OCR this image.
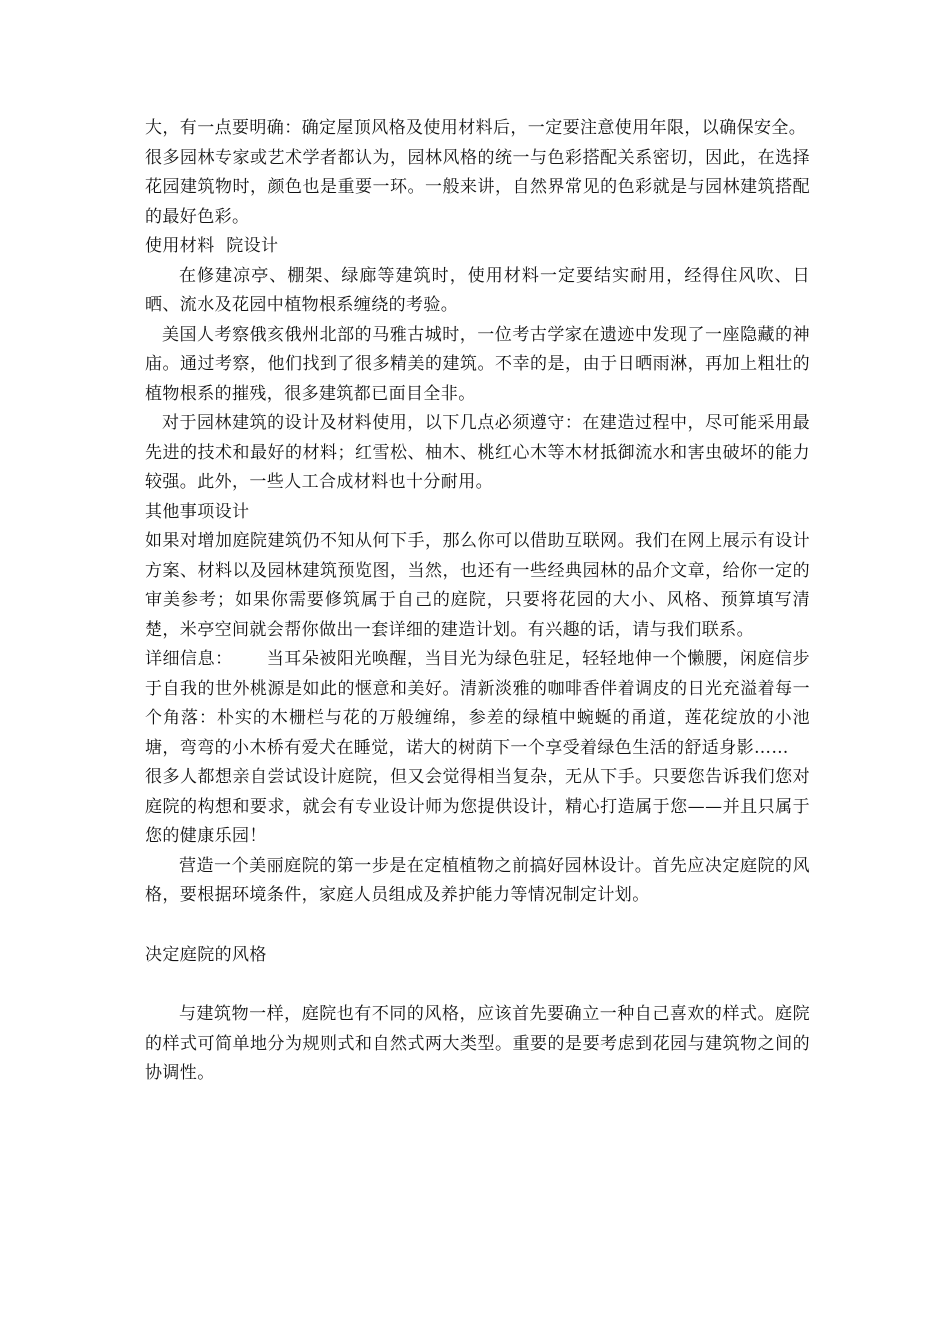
大，有一点要明确：确定屋顶风格及使用材料后，一定要注意使用年限，以确保安全。

很多园林专家或艺术学者都认为，园林风格的统一与色彩搭配关系密切，因此，在选择花园建筑物时，颜色也是重要一环。一般来讲，自然界常见的色彩就是与园林建筑搭配的最好色彩。

使用材料  院设计

在修建凉亭、棚架、绿廊等建筑时，使用材料一定要结实耐用，经得住风吹、日晒、流水及花园中植物根系缠绕的考验。

美国人考察俄亥俄州北部的马雅古城时，一位考古学家在遗迹中发现了一座隐藏的神庙。通过考察，他们找到了很多精美的建筑。不幸的是，由于日晒雨淋，再加上粗壮的植物根系的摧残，很多建筑都已面目全非。

对于园林建筑的设计及材料使用，以下几点必须遵守：在建造过程中，尽可能采用最先进的技术和最好的材料；红雪松、柚木、桃红心木等木材抵御流水和害虫破坏的能力较强。此外，一些人工合成材料也十分耐用。

其他事项设计

如果对增加庭院建筑仍不知从何下手，那么你可以借助互联网。我们在网上展示有设计方案、材料以及园林建筑预览图，当然，也还有一些经典园林的品介文章，给你一定的审美参考；如果你需要修筑属于自己的庭院，只要将花园的大小、风格、预算填写清楚，米亭空间就会帮你做出一套详细的建造计划。有兴趣的话，请与我们联系。

详细信息： 当耳朵被阳光唤醒，当目光为绿色驻足，轻轻地伸一个懒腰，闲庭信步于自我的世外桃源是如此的惬意和美好。清新淡雅的咖啡香伴着调皮的日光充溢着每一个角落：朴实的木栅栏与花的万般缠绵，参差的绿植中蜿蜒的甬道，莲花绽放的小池塘，弯弯的小木桥有爱犬在睡觉，诺大的树荫下一个享受着绿色生活的舒适身影……

很多人都想亲自尝试设计庭院，但又会觉得相当复杂，无从下手。只要您告诉我们您对庭院的构想和要求，就会有专业设计师为您提供设计，精心打造属于您——并且只属于您的健康乐园！

营造一个美丽庭院的第一步是在定植植物之前搞好园林设计。首先应决定庭院的风格，要根据环境条件，家庭人员组成及养护能力等情况制定计划。

决定庭院的风格

与建筑物一样，庭院也有不同的风格，应该首先要确立一种自己喜欢的样式。庭院的样式可简单地分为规则式和自然式两大类型。重要的是要考虑到花园与建筑物之间的协调性。
